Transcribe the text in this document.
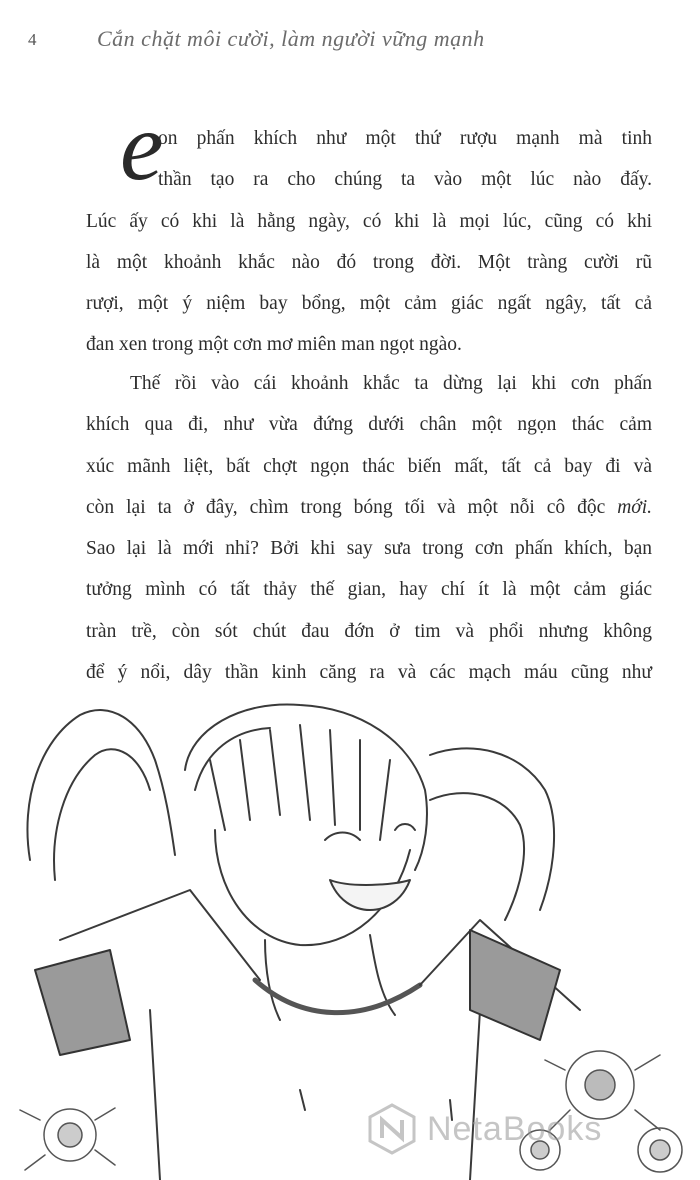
4	Cắn chặt môi cười, làm người vững mạnh
e
on phấn khích như một thứ rượu mạnh mà tinh
thần tạo ra cho chúng ta vào một lúc nào đấy.
Lúc ấy có khi là hằng ngày, có khi là mọi lúc, cũng có khi
là một khoảnh khắc nào đó trong đời. Một tràng cười rũ
rượi, một ý niệm bay bổng, một cảm giác ngất ngây, tất cả
đan xen trong một cơn mơ miên man ngọt ngào.
Thế rồi vào cái khoảnh khắc ta dừng lại khi cơn phấn
khích qua đi, như vừa đứng dưới chân một ngọn thác cảm
xúc mãnh liệt, bất chợt ngọn thác biến mất, tất cả bay đi và
còn lại ta ở đây, chìm trong bóng tối và một nỗi cô độc mới.
Sao lại là mới nhỉ? Bởi khi say sưa trong cơn phấn khích, bạn
tưởng mình có tất thảy thế gian, hay chí ít là một cảm giác
tràn trề, còn sót chút đau đớn ở tim và phổi nhưng không
để ý nổi, dây thần kinh căng ra và các mạch máu cũng như
NetaBooks
